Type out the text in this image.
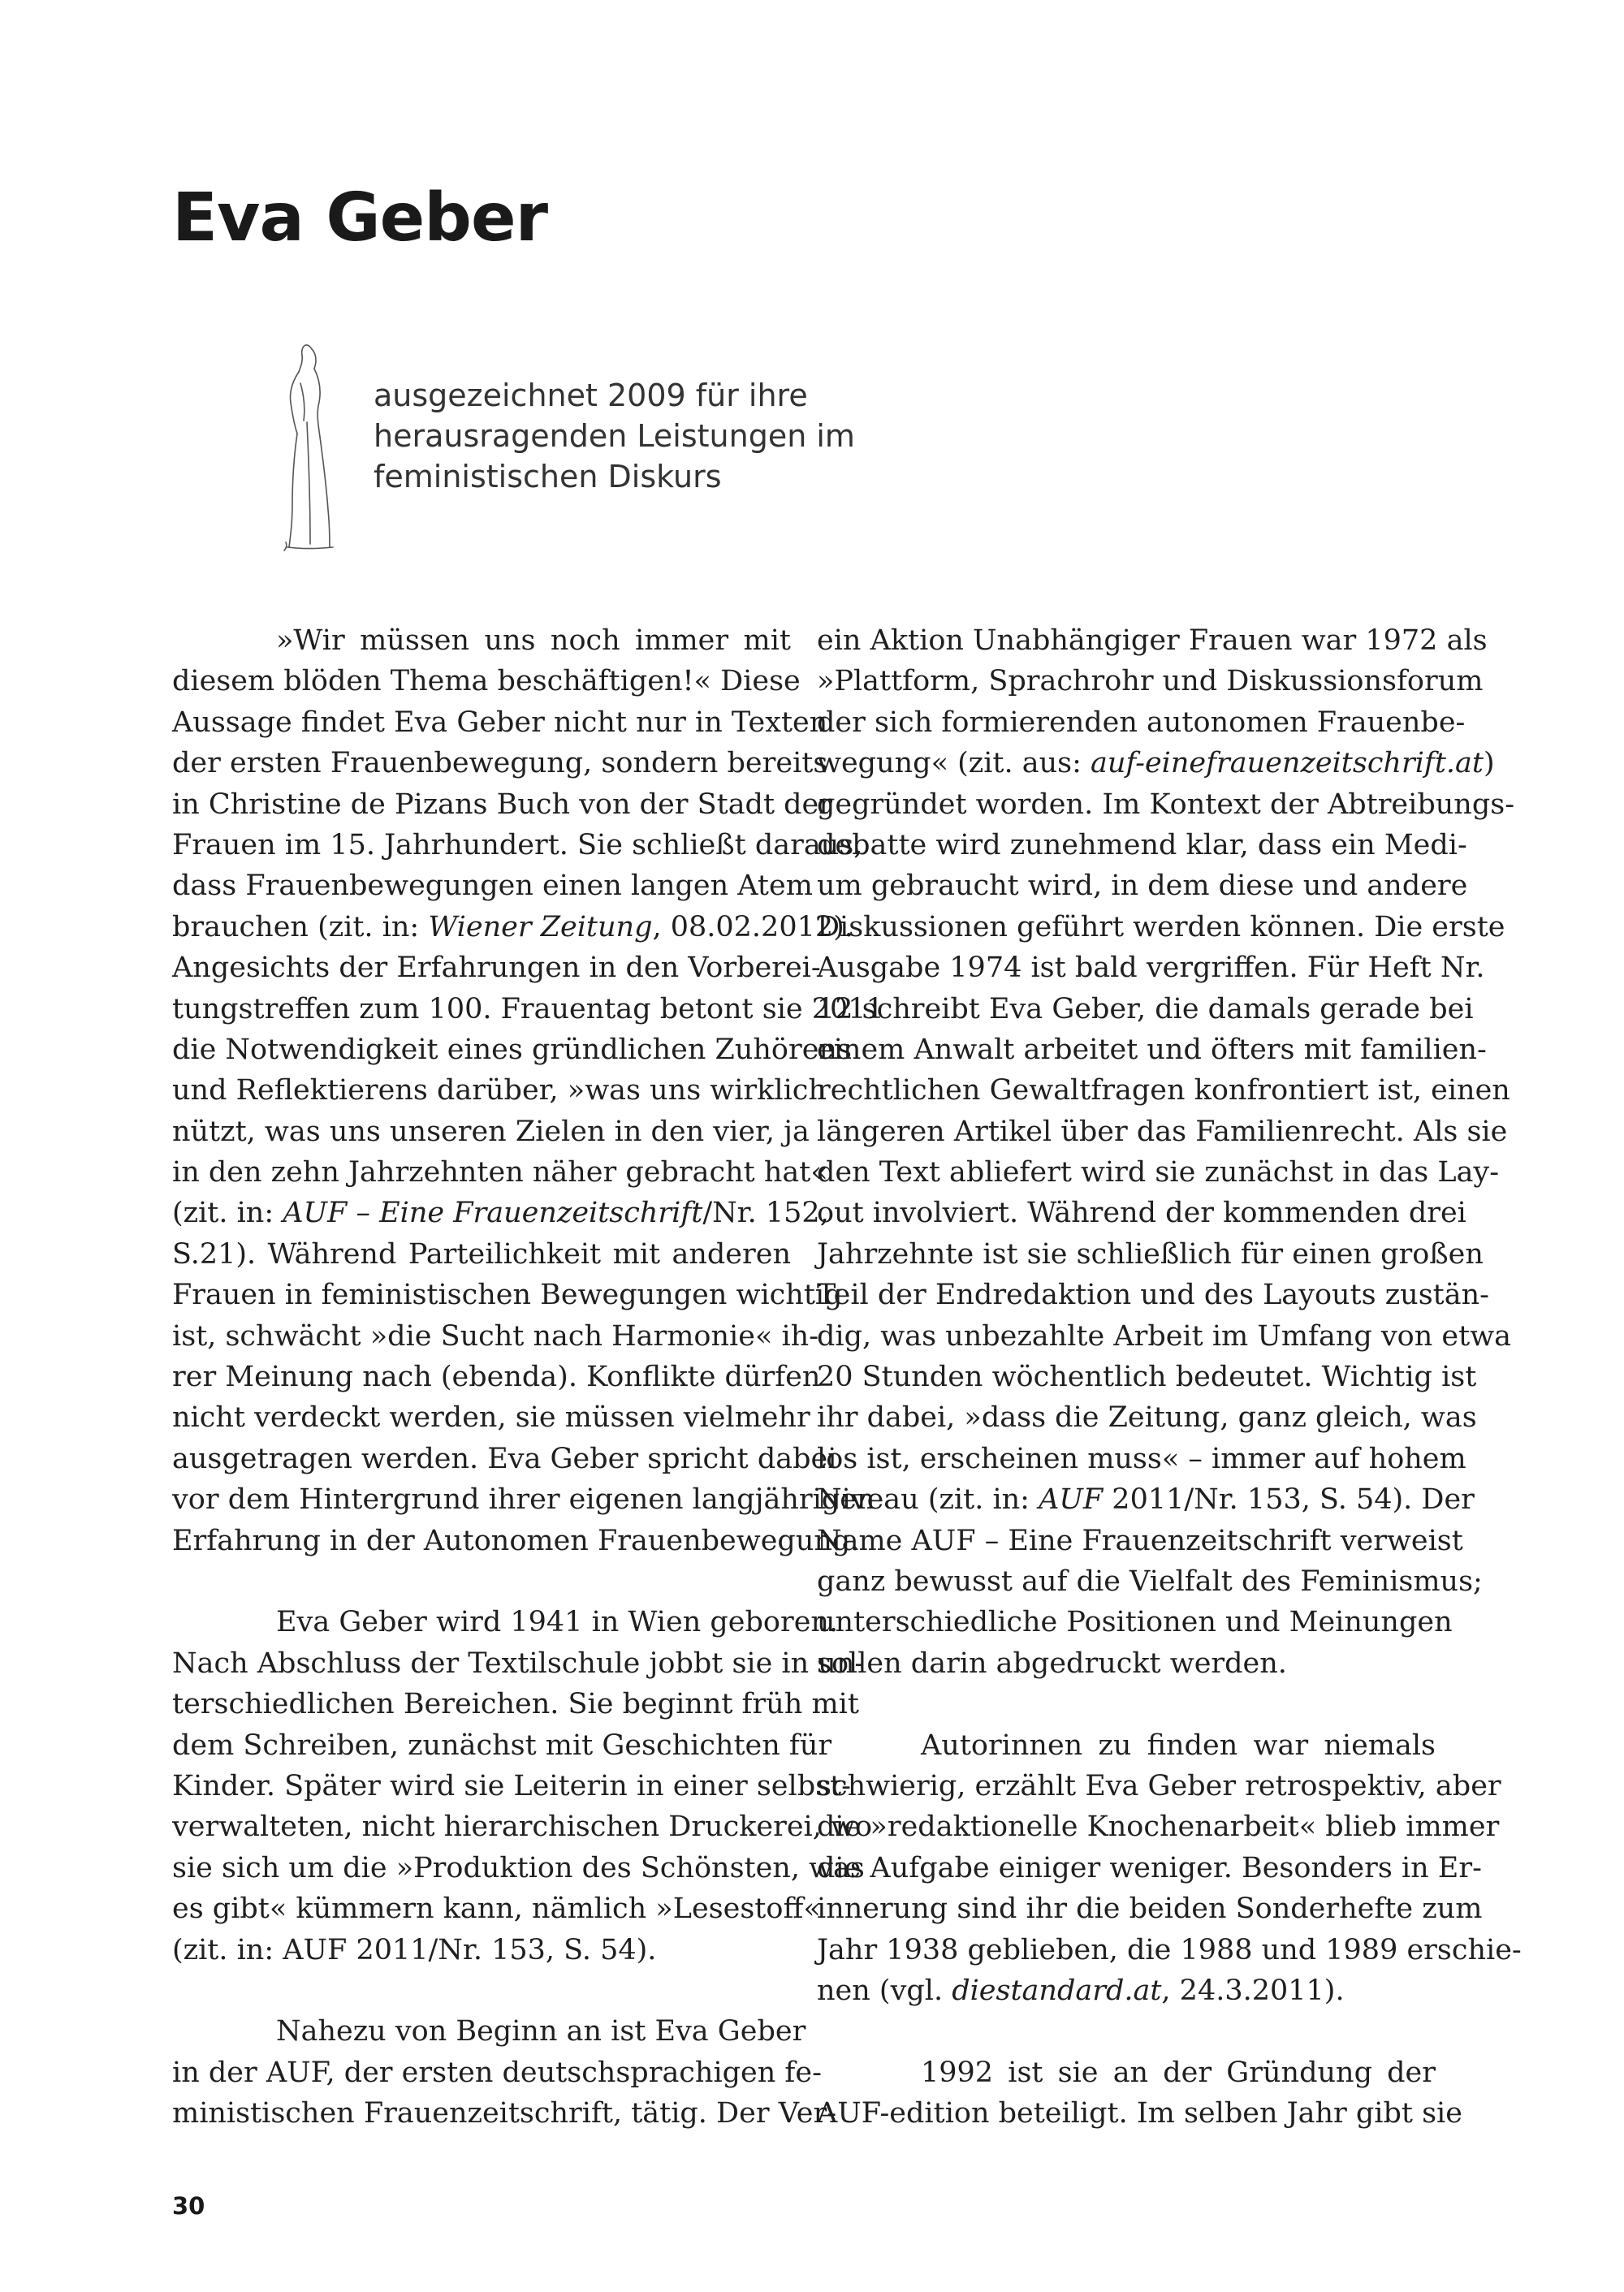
Eva Geber
ausgezeichnet 2009 für ihre
herausragenden Leistungen im
feministischen Diskurs
»Wir müssen uns noch immer mit
diesem blöden Thema beschäftigen!« Diese
Aussage findet Eva Geber nicht nur in Texten
der ersten Frauenbewegung, sondern bereits
in Christine de Pizans Buch von der Stadt der
Frauen im 15. Jahrhundert. Sie schließt daraus,
dass Frauenbewegungen einen langen Atem
brauchen (zit. in: Wiener Zeitung, 08.02.2012).
Angesichts der Erfahrungen in den Vorberei-
tungstreffen zum 100. Frauentag betont sie 2011
die Notwendigkeit eines gründlichen Zuhörens
und Reflektierens darüber, »was uns wirklich
nützt, was uns unseren Zielen in den vier, ja
in den zehn Jahrzehnten näher gebracht hat«
(zit. in: AUF – Eine Frauenzeitschrift/Nr. 152,
S.21). Während Parteilichkeit mit anderen
Frauen in feministischen Bewegungen wichtig
ist, schwächt »die Sucht nach Harmonie« ih-
rer Meinung nach (ebenda). Konflikte dürfen
nicht verdeckt werden, sie müssen vielmehr
ausgetragen werden. Eva Geber spricht dabei
vor dem Hintergrund ihrer eigenen langjährigen
Erfahrung in der Autonomen Frauenbewegung.
Eva Geber wird 1941 in Wien geboren.
Nach Abschluss der Textilschule jobbt sie in un-
terschiedlichen Bereichen. Sie beginnt früh mit
dem Schreiben, zunächst mit Geschichten für
Kinder. Später wird sie Leiterin in einer selbst-
verwalteten, nicht hierarchischen Druckerei, wo
sie sich um die »Produktion des Schönsten, was
es gibt« kümmern kann, nämlich »Lesestoff«
(zit. in: AUF 2011/Nr. 153, S. 54).
Nahezu von Beginn an ist Eva Geber
in der AUF, der ersten deutschsprachigen fe-
ministischen Frauenzeitschrift, tätig. Der Ver-
ein Aktion Unabhängiger Frauen war 1972 als
»Plattform, Sprachrohr und Diskussionsforum
der sich formierenden autonomen Frauenbe-
wegung« (zit. aus: auf-einefrauenzeitschrift.at)
gegründet worden. Im Kontext der Abtreibungs-
debatte wird zunehmend klar, dass ein Medi-
um gebraucht wird, in dem diese und andere
Diskussionen geführt werden können. Die erste
Ausgabe 1974 ist bald vergriffen. Für Heft Nr.
12 schreibt Eva Geber, die damals gerade bei
einem Anwalt arbeitet und öfters mit familien-
rechtlichen Gewaltfragen konfrontiert ist, einen
längeren Artikel über das Familienrecht. Als sie
den Text abliefert wird sie zunächst in das Lay-
out involviert. Während der kommenden drei
Jahrzehnte ist sie schließlich für einen großen
Teil der Endredaktion und des Layouts zustän-
dig, was unbezahlte Arbeit im Umfang von etwa
20 Stunden wöchentlich bedeutet. Wichtig ist
ihr dabei, »dass die Zeitung, ganz gleich, was
los ist, erscheinen muss« – immer auf hohem
Niveau (zit. in: AUF 2011/Nr. 153, S. 54). Der
Name AUF – Eine Frauenzeitschrift verweist
ganz bewusst auf die Vielfalt des Feminismus;
unterschiedliche Positionen und Meinungen
sollen darin abgedruckt werden.
Autorinnen zu finden war niemals
schwierig, erzählt Eva Geber retrospektiv, aber
die »redaktionelle Knochenarbeit« blieb immer
die Aufgabe einiger weniger. Besonders in Er-
innerung sind ihr die beiden Sonderhefte zum
Jahr 1938 geblieben, die 1988 und 1989 erschie-
nen (vgl. diestandard.at, 24.3.2011).
1992 ist sie an der Gründung der
AUF-edition beteiligt. Im selben Jahr gibt sie
30
